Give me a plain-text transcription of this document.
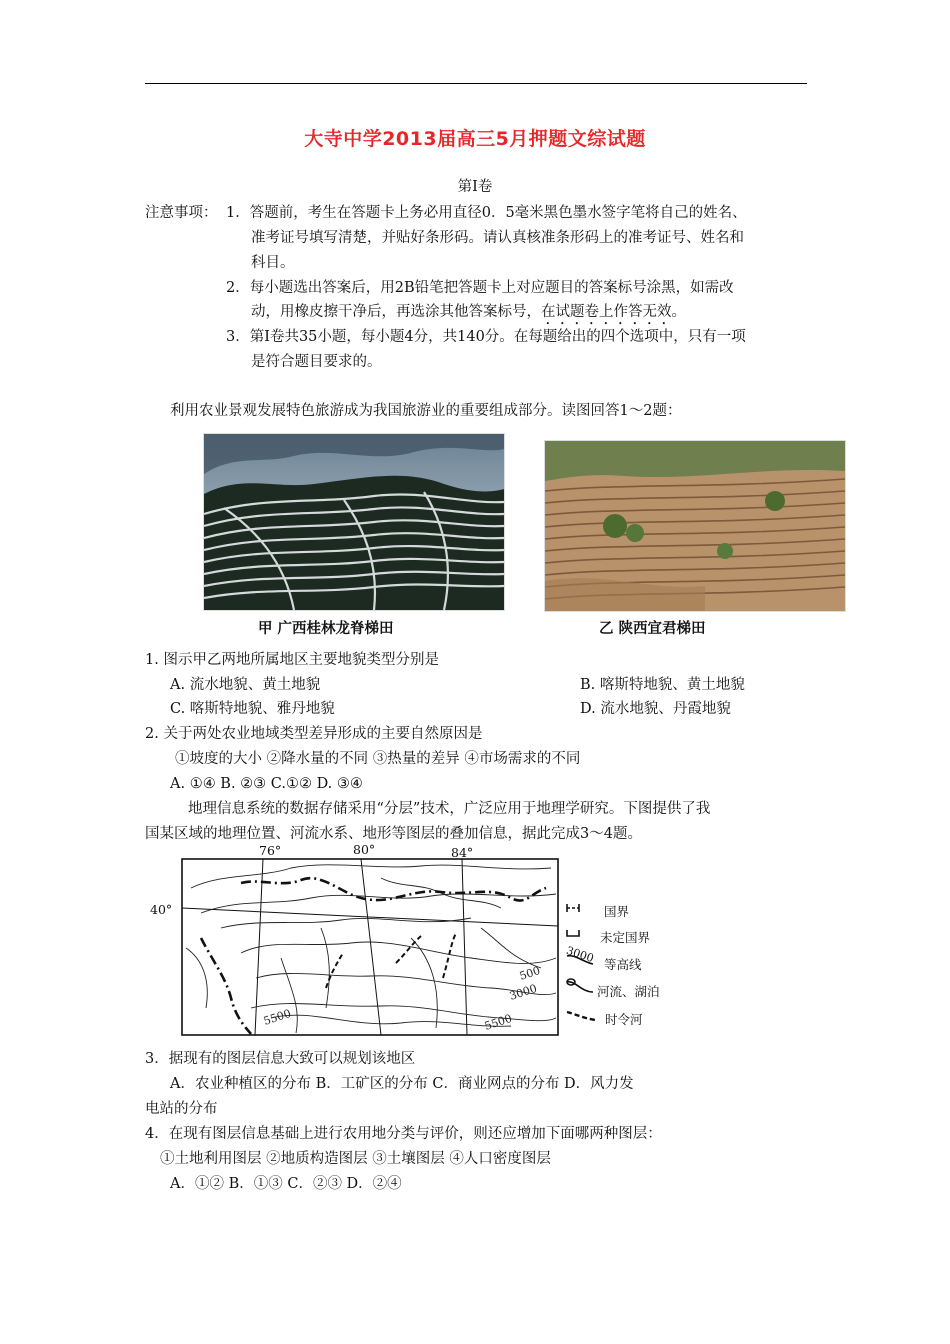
大寺中学2013届高三5月押题文综试题
第Ⅰ卷
注意事项： 1．答题前，考生在答题卡上务必用直径0．5毫米黑色墨水签字笔将自己的姓名、
准考证号填写清楚，并贴好条形码。请认真核准条形码上的准考证号、姓名和
科目。
2．每小题选出答案后，用2B铅笔把答题卡上对应题目的答案标号涂黑，如需改
动，用橡皮擦干净后，再选涂其他答案标号，在试题卷上作答无效。
3．第Ⅰ卷共35小题，每小题4分，共140分。在每题给出的四个选项中，只有一项
是符合题目要求的。
利用农业景观发展特色旅游成为我国旅游业的重要组成部分。读图回答1～2题：
甲 广西桂林龙脊梯田	乙 陕西宜君梯田
1. 图示甲乙两地所属地区主要地貌类型分别是
A. 流水地貌、黄土地貌	B. 喀斯特地貌、黄土地貌
C. 喀斯特地貌、雅丹地貌	D. 流水地貌、丹霞地貌
2. 关于两处农业地域类型差异形成的主要自然原因是
①坡度的大小 ②降水量的不同 ③热量的差异 ④市场需求的不同
A. ①④ B. ②③ C.①② D. ③④
地理信息系统的数据存储采用“分层”技术，广泛应用于地理学研究。下图提供了我
国某区域的地理位置、河流水系、地形等图层的叠加信息，据此完成3～4题。
5500	5500
3000
500
76°	80°	84°
40°	国界
未定国界
3000 等高线
河流、湖泊
时令河
3．据现有的图层信息大致可以规划该地区
A．农业种植区的分布 B．工矿区的分布 C．商业网点的分布 D．风力发
电站的分布
4．在现有图层信息基础上进行农用地分类与评价，则还应增加下面哪两种图层：
①土地利用图层 ②地质构造图层 ③土壤图层 ④人口密度图层
A．①② B．①③ C．②③ D．②④
